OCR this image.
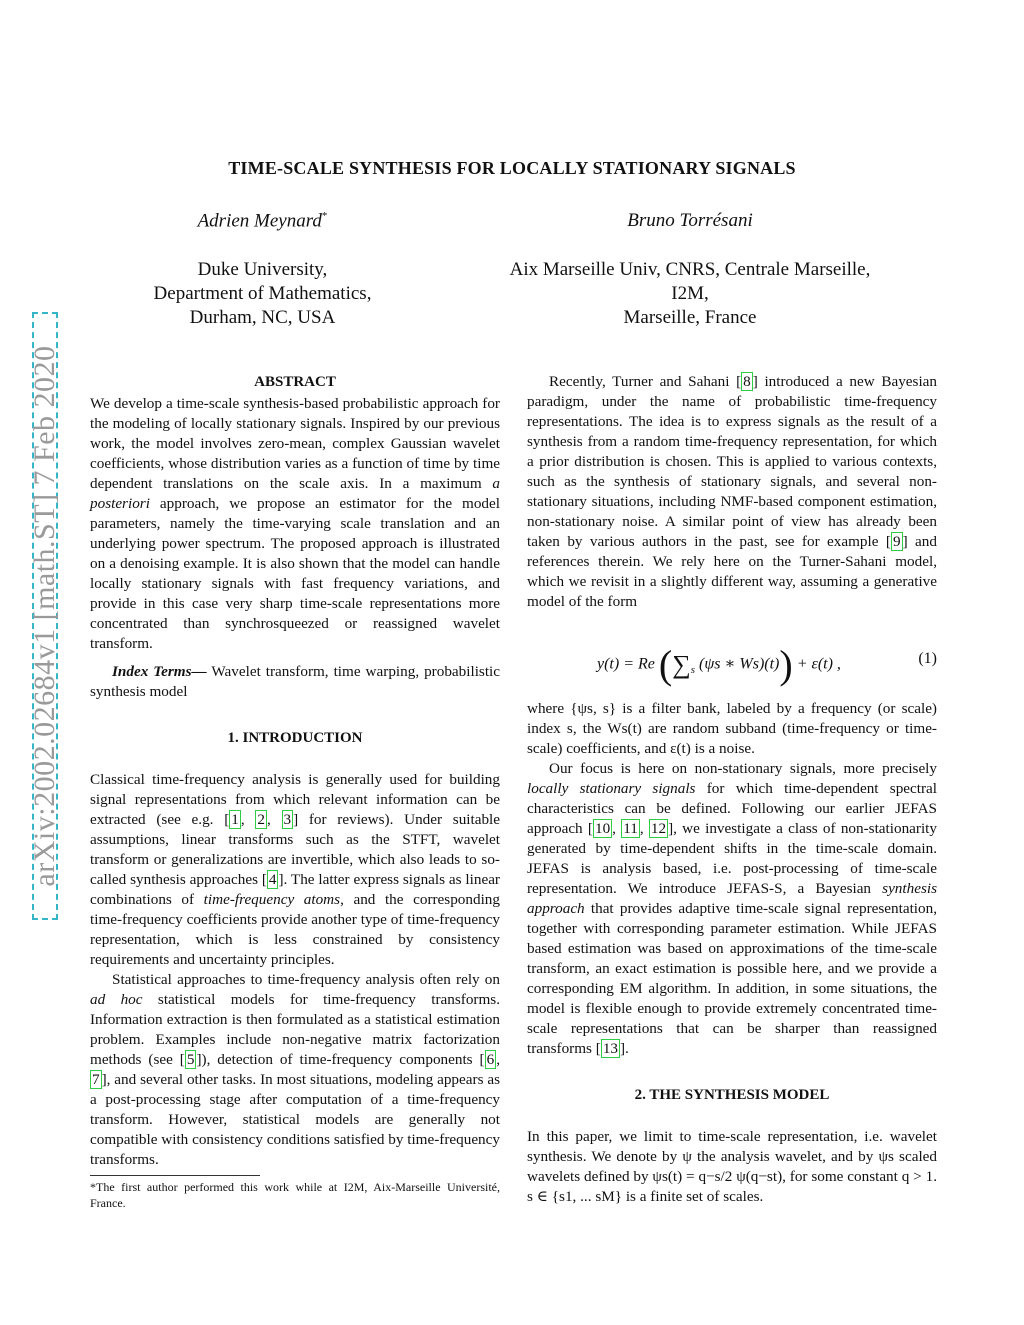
arXiv:2002.02684v1 [math.ST] 7 Feb 2020
TIME-SCALE SYNTHESIS FOR LOCALLY STATIONARY SIGNALS
Adrien Meynard*	Bruno Torrésani
Duke University,
Department of Mathematics,
Durham, NC, USA
Aix Marseille Univ, CNRS, Centrale Marseille,
I2M,
Marseille, France
ABSTRACT

We develop a time-scale synthesis-based probabilistic approach for the modeling of locally stationary signals. Inspired by our previous work, the model involves zero-mean, complex Gaussian wavelet coefficients, whose distribution varies as a function of time by time dependent translations on the scale axis. In a maximum a posteriori approach, we propose an estimator for the model parameters, namely the time-varying scale translation and an underlying power spectrum. The proposed approach is illustrated on a denoising example. It is also shown that the model can handle locally stationary signals with fast frequency variations, and provide in this case very sharp time-scale representations more concentrated than synchrosqueezed or reassigned wavelet transform.

Index Terms— Wavelet transform, time warping, probabilistic synthesis model

1. INTRODUCTION

Classical time-frequency analysis is generally used for building signal representations from which relevant information can be extracted (see e.g. [ 1 , 2 , 3 ] for reviews). Under suitable assumptions, linear transforms such as the STFT, wavelet transform or generalizations are invertible, which also leads to so-called synthesis approaches [ 4 ]. The latter express signals as linear combinations of time-frequency atoms, and the corresponding time-frequency coefficients provide another type of time-frequency representation, which is less constrained by consistency requirements and uncertainty principles.

Statistical approaches to time-frequency analysis often rely on ad hoc statistical models for time-frequency transforms. Information extraction is then formulated as a statistical estimation problem. Examples include non-negative matrix factorization methods (see [ 5 ]), detection of time-frequency components [ 6 , 7 ], and several other tasks. In most situations, modeling appears as a post-processing stage after computation of a time-frequency transform. However, statistical models are generally not compatible with consistency conditions satisfied by time-frequency transforms.

*The first author performed this work while at I2M, Aix-Marseille Université, France.

Recently, Turner and Sahani [ 8 ] introduced a new Bayesian paradigm, under the name of probabilistic time-frequency representations. The idea is to express signals as the result of a synthesis from a random time-frequency representation, for which a prior distribution is chosen. This is applied to various contexts, such as the synthesis of stationary signals, and several non-stationary situations, including NMF-based component estimation, non-stationary noise. A similar point of view has already been taken by various authors in the past, see for example [ 9 ] and references therein. We rely here on the Turner-Sahani model, which we revisit in a slightly different way, assuming a generative model of the form

y(t) = Re ($\sum_s$ (ψs ∗ Ws)(t)) + ε(t) ,	(1)

where {ψs, s} is a filter bank, labeled by a frequency (or scale) index s, the Ws(t) are random subband (time-frequency or time-scale) coefficients, and ε(t) is a noise.

Our focus is here on non-stationary signals, more precisely locally stationary signals for which time-dependent spectral characteristics can be defined. Following our earlier JEFAS approach [ 10 , 11 , 12 ], we investigate a class of non-stationarity generated by time-dependent shifts in the time-scale domain. JEFAS is analysis based, i.e. post-processing of time-scale representation. We introduce JEFAS-S, a Bayesian synthesis approach that provides adaptive time-scale signal representation, together with corresponding parameter estimation. While JEFAS based estimation was based on approximations of the time-scale transform, an exact estimation is possible here, and we provide a corresponding EM algorithm. In addition, in some situations, the model is flexible enough to provide extremely concentrated time-scale representations that can be sharper than reassigned transforms [ 13 ].

2. THE SYNTHESIS MODEL

In this paper, we limit to time-scale representation, i.e. wavelet synthesis. We denote by ψ the analysis wavelet, and by ψs scaled wavelets defined by ψs(t) = q−s/2 ψ(q−st), for some constant q > 1. s ∈ {s1, ... sM} is a finite set of scales.
